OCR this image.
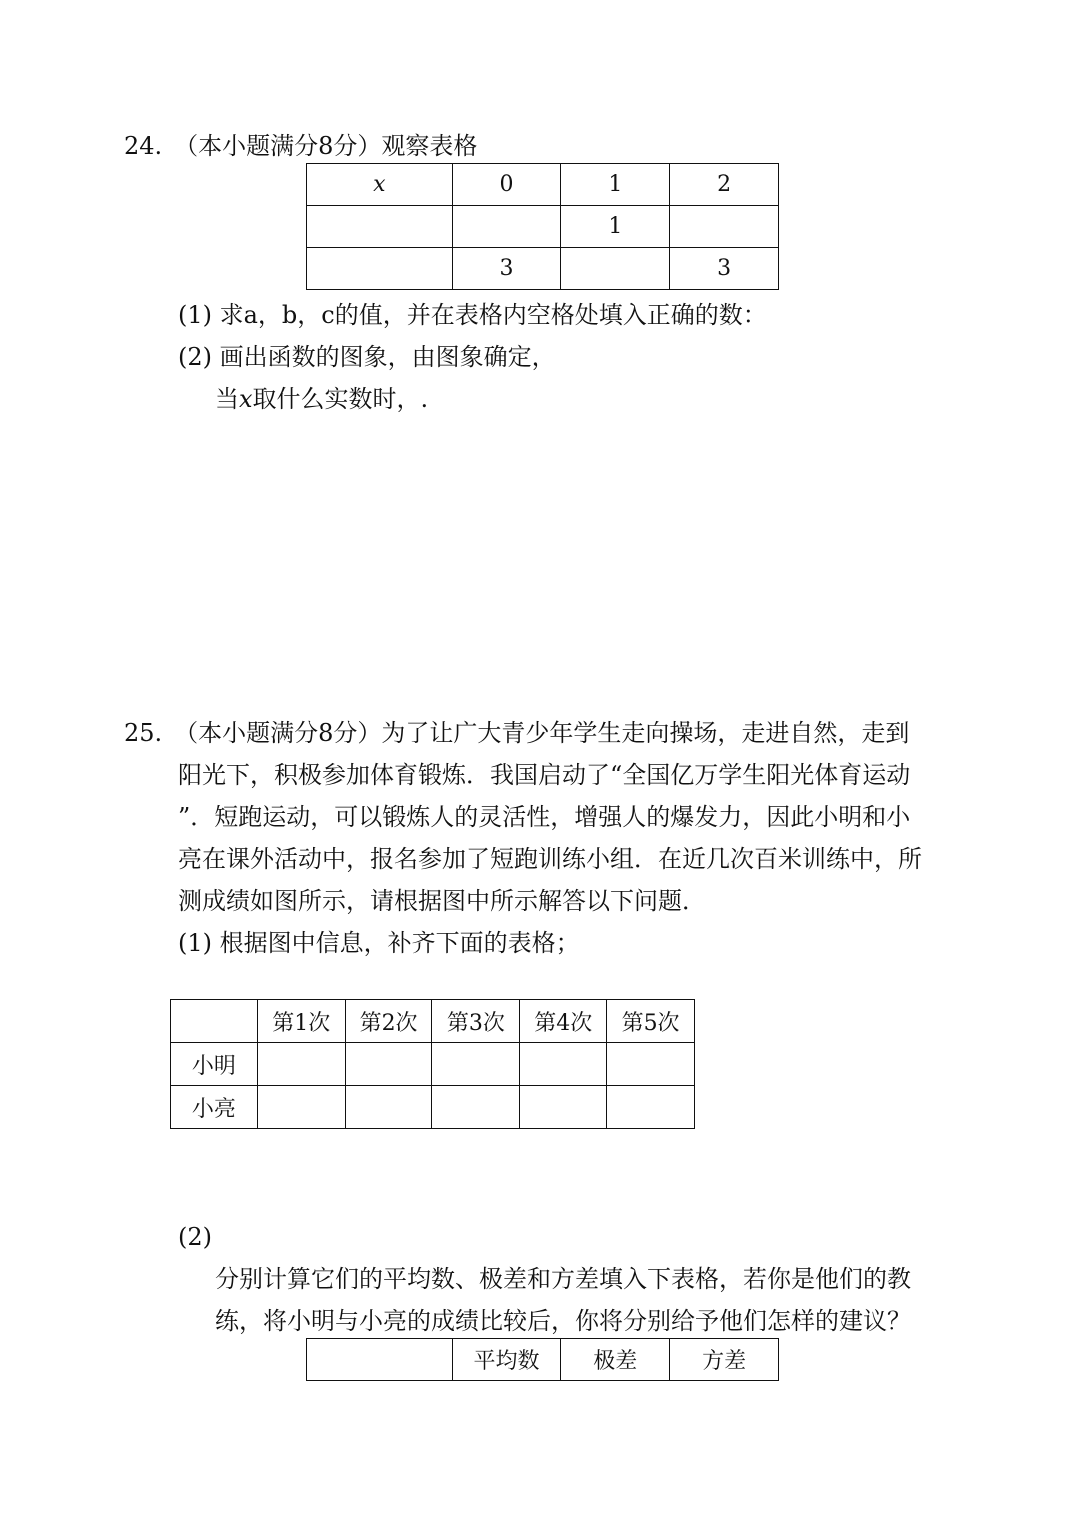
24.　（本小题满分8分）观察表格
x	0	1	2
		1	
	3		3
(1) 求a，b，c的值，并在表格内空格处填入正确的数：
(2) 画出函数的图象，由图象确定，
当x取什么实数时，.
25.　（本小题满分8分）为了让广大青少年学生走向操场，走进自然，走到
阳光下，积极参加体育锻炼．我国启动了“全国亿万学生阳光体育运动
”．短跑运动，可以锻炼人的灵活性，增强人的爆发力，因此小明和小
亮在课外活动中，报名参加了短跑训练小组．在近几次百米训练中，所
测成绩如图所示，请根据图中所示解答以下问题．
(1) 根据图中信息，补齐下面的表格；
	第1次	第2次	第3次	第4次	第5次
小明					
小亮					
(2)
分别计算它们的平均数、极差和方差填入下表格，若你是他们的教
练，将小明与小亮的成绩比较后，你将分别给予他们怎样的建议？
	平均数	极差	方差
